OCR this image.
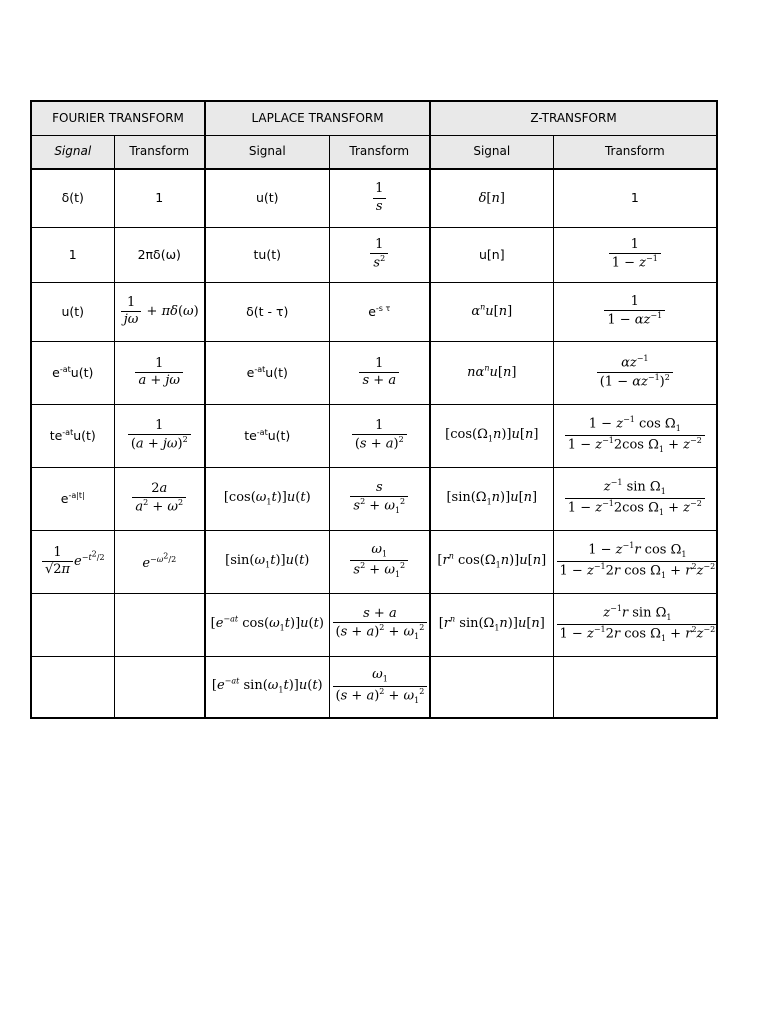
FOURIER TRANSFORM		LAPLACE TRANSFORM		Z-TRANSFORM	
Signal	Transform	Signal	Transform	Signal	Transform
δ(t)	1	u(t)	$\frac{1}{s}$	δ[n]	1
1	2πδ(ω)	tu(t)	$\frac{1}{s^2}$	u[n]	$\frac{1}{1 - z^{-1}}$

u(t)	$\frac{1}{j\omega} + \pi\delta(\omega)$	δ(t - τ)	$e^{-s \tau}$	$\alpha^nu[n]$	$\frac{1}{1 - \alpha z^{-1}}$

$e^{-at}u(t)$	$\frac{1}{a + j\omega}$	$e^{-at}u(t)$	$\frac{1}{s + a}$	$n\alpha^nu[n]$	$\frac{\alpha z^{-1}}{(1 - \alpha z^{-1})^2}$

$te^{-at}u(t)$	$\frac{1}{(a + j\omega)^2}$	$te^{-at}u(t)$	$\frac{1}{(s + a)^2}$	$[\cos(\Omega_1n)]u[n]$	$\frac{1 - z^{-1} \cos \Omega_1}{1 - z^{-1}2\cos \Omega_1 + z^{-2}}$

$e^{-a|t|}$	$\frac{2a}{a^2 + \omega^2}$	$[\cos(\omega_1t)]u(t)$	$\frac{s}{s^2 + \omega_1^2}$	$[\sin(\Omega_1n)]u[n]$	$\frac{z^{-1} \sin \Omega_1}{1 - z^{-1}2\cos \Omega_1 + z^{-2}}$

$\frac{1}{√2\pi} e^{-t^2/2}$	$e^{-\omega^2/2}$	$[\sin(\omega_1t)]u(t)$	$\frac{\omega_1}{s^2 + \omega_1^2}$	[$r^n$ $\cos(\Omega_1n)]u[n]$	$\frac{1 - z^{-1}r \cos \Omega_1}{1 - z^{-1}2r \cos \Omega_1 + r^2z^{-2}}$

		[$e^{-at}$ $\cos(\omega_1t)]u(t)$	$\frac{s + a}{(s + a)^2 + \omega_1^2}$	[$r^n$ $\sin(\Omega_1n)]u[n]$	$\frac{z^{-1}r \sin \Omega_1}{1 - z^{-1}2r \cos \Omega_1 + r^2z^{-2}}$

		[$e^{-at}$ $\sin(\omega_1t)]u(t)$	$\frac{\omega_1}{(s + a)^2 + \omega_1^2}$
